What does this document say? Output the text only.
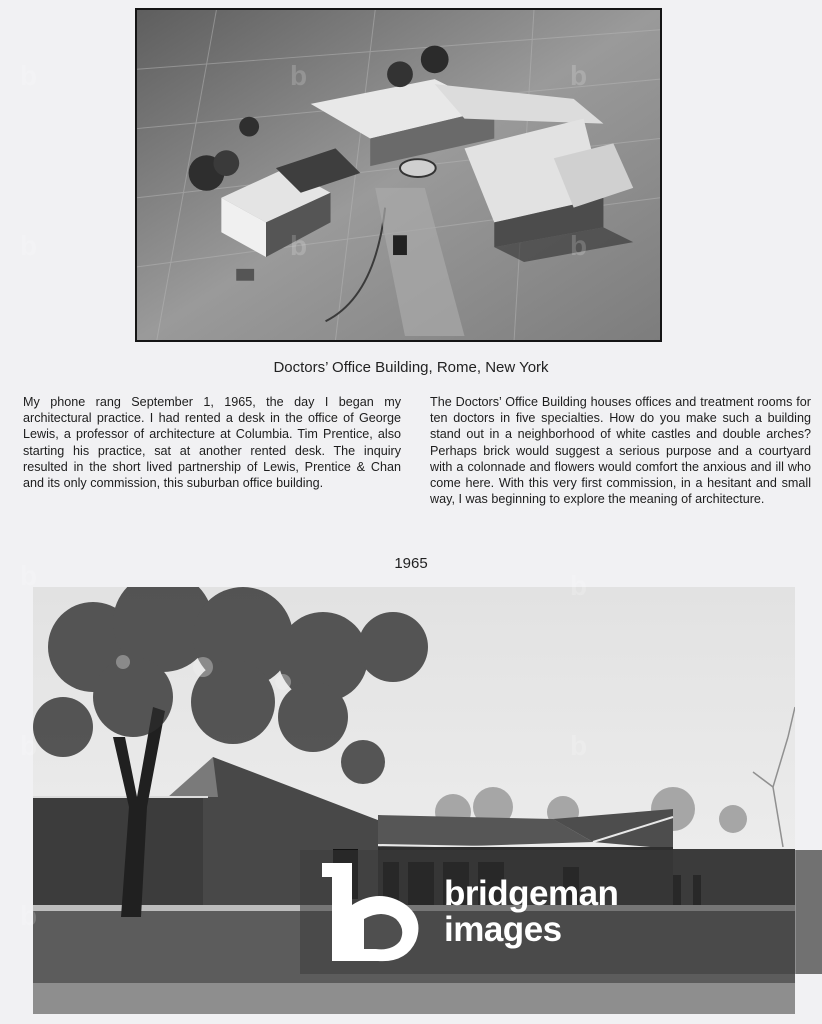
Doctors’ Office Building, Rome, New York

My phone rang September 1, 1965, the day I began my architectural practice. I had rented a desk in the office of George Lewis, a professor of architecture at Columbia. Tim Prentice, also starting his practice, sat at another rented desk. The inquiry resulted in the short lived partnership of Lewis, Prentice & Chan and its only commission, this suburban office building.

The Doctors’ Office Building houses offices and treatment rooms for ten doctors in five specialties. How do you make such a building stand out in a neighborhood of white castles and double arches? Perhaps brick would suggest a serious purpose and a courtyard with a colonnade and flowers would comfort the anxious and ill who come here. With this very first commission, in a hesitant and small way, I was beginning to explore the meaning of architecture.

1965
bridgeman
images
b
b
b	b
b
b
